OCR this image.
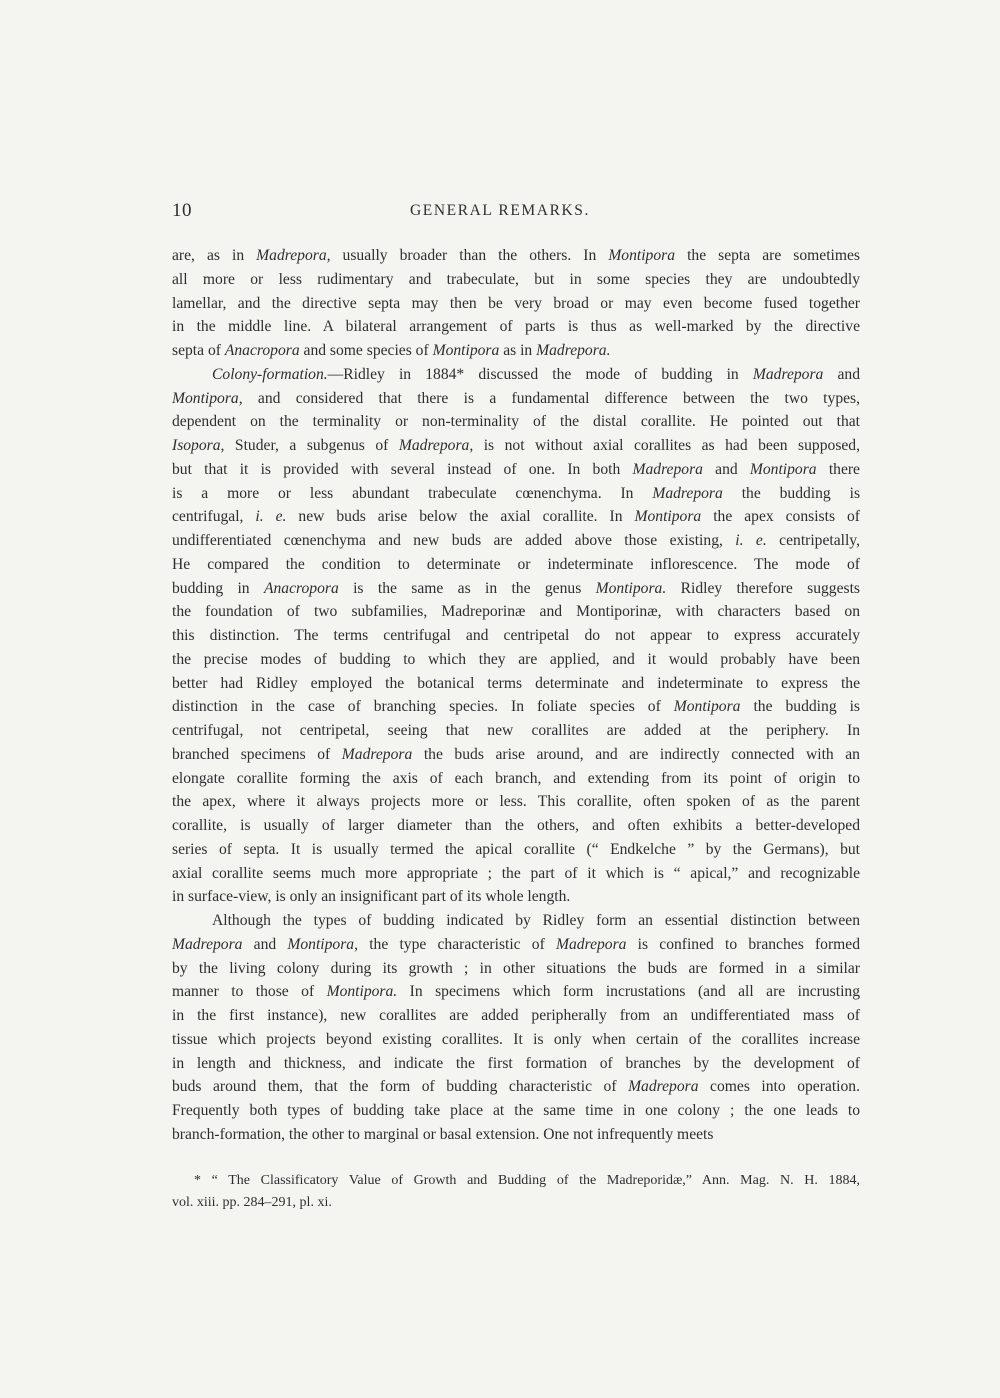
10	GENERAL REMARKS.
are, as in Madrepora, usually broader than the others. In Montipora the septa are sometimes
all more or less rudimentary and trabeculate, but in some species they are undoubtedly
lamellar, and the directive septa may then be very broad or may even become fused together
in the middle line. A bilateral arrangement of parts is thus as well-marked by the directive
septa of Anacropora and some species of Montipora as in Madrepora.
Colony-formation.—Ridley in 1884* discussed the mode of budding in Madrepora and
Montipora, and considered that there is a fundamental difference between the two types,
dependent on the terminality or non-terminality of the distal corallite. He pointed out that
Isopora, Studer, a subgenus of Madrepora, is not without axial corallites as had been supposed,
but that it is provided with several instead of one. In both Madrepora and Montipora there
is a more or less abundant trabeculate cœnenchyma. In Madrepora the budding is
centrifugal, i. e. new buds arise below the axial corallite. In Montipora the apex consists of
undifferentiated cœnenchyma and new buds are added above those existing, i. e. centripetally,
He compared the condition to determinate or indeterminate inflorescence. The mode of
budding in Anacropora is the same as in the genus Montipora. Ridley therefore suggests
the foundation of two subfamilies, Madreporinæ and Montiporinæ, with characters based on
this distinction. The terms centrifugal and centripetal do not appear to express accurately
the precise modes of budding to which they are applied, and it would probably have been
better had Ridley employed the botanical terms determinate and indeterminate to express the
distinction in the case of branching species. In foliate species of Montipora the budding is
centrifugal, not centripetal, seeing that new corallites are added at the periphery. In
branched specimens of Madrepora the buds arise around, and are indirectly connected with an
elongate corallite forming the axis of each branch, and extending from its point of origin to
the apex, where it always projects more or less. This corallite, often spoken of as the parent
corallite, is usually of larger diameter than the others, and often exhibits a better-developed
series of septa. It is usually termed the apical corallite (“ Endkelche ” by the Germans), but
axial corallite seems much more appropriate ; the part of it which is “ apical,” and recognizable
in surface-view, is only an insignificant part of its whole length.
Although the types of budding indicated by Ridley form an essential distinction between
Madrepora and Montipora, the type characteristic of Madrepora is confined to branches formed
by the living colony during its growth ; in other situations the buds are formed in a similar
manner to those of Montipora. In specimens which form incrustations (and all are incrusting
in the first instance), new corallites are added peripherally from an undifferentiated mass of
tissue which projects beyond existing corallites. It is only when certain of the corallites increase
in length and thickness, and indicate the first formation of branches by the development of
buds around them, that the form of budding characteristic of Madrepora comes into operation.
Frequently both types of budding take place at the same time in one colony ; the one leads to
branch-formation, the other to marginal or basal extension. One not infrequently meets
* “ The Classificatory Value of Growth and Budding of the Madreporidæ,” Ann. Mag. N. H. 1884,
vol. xiii. pp. 284–291, pl. xi.
